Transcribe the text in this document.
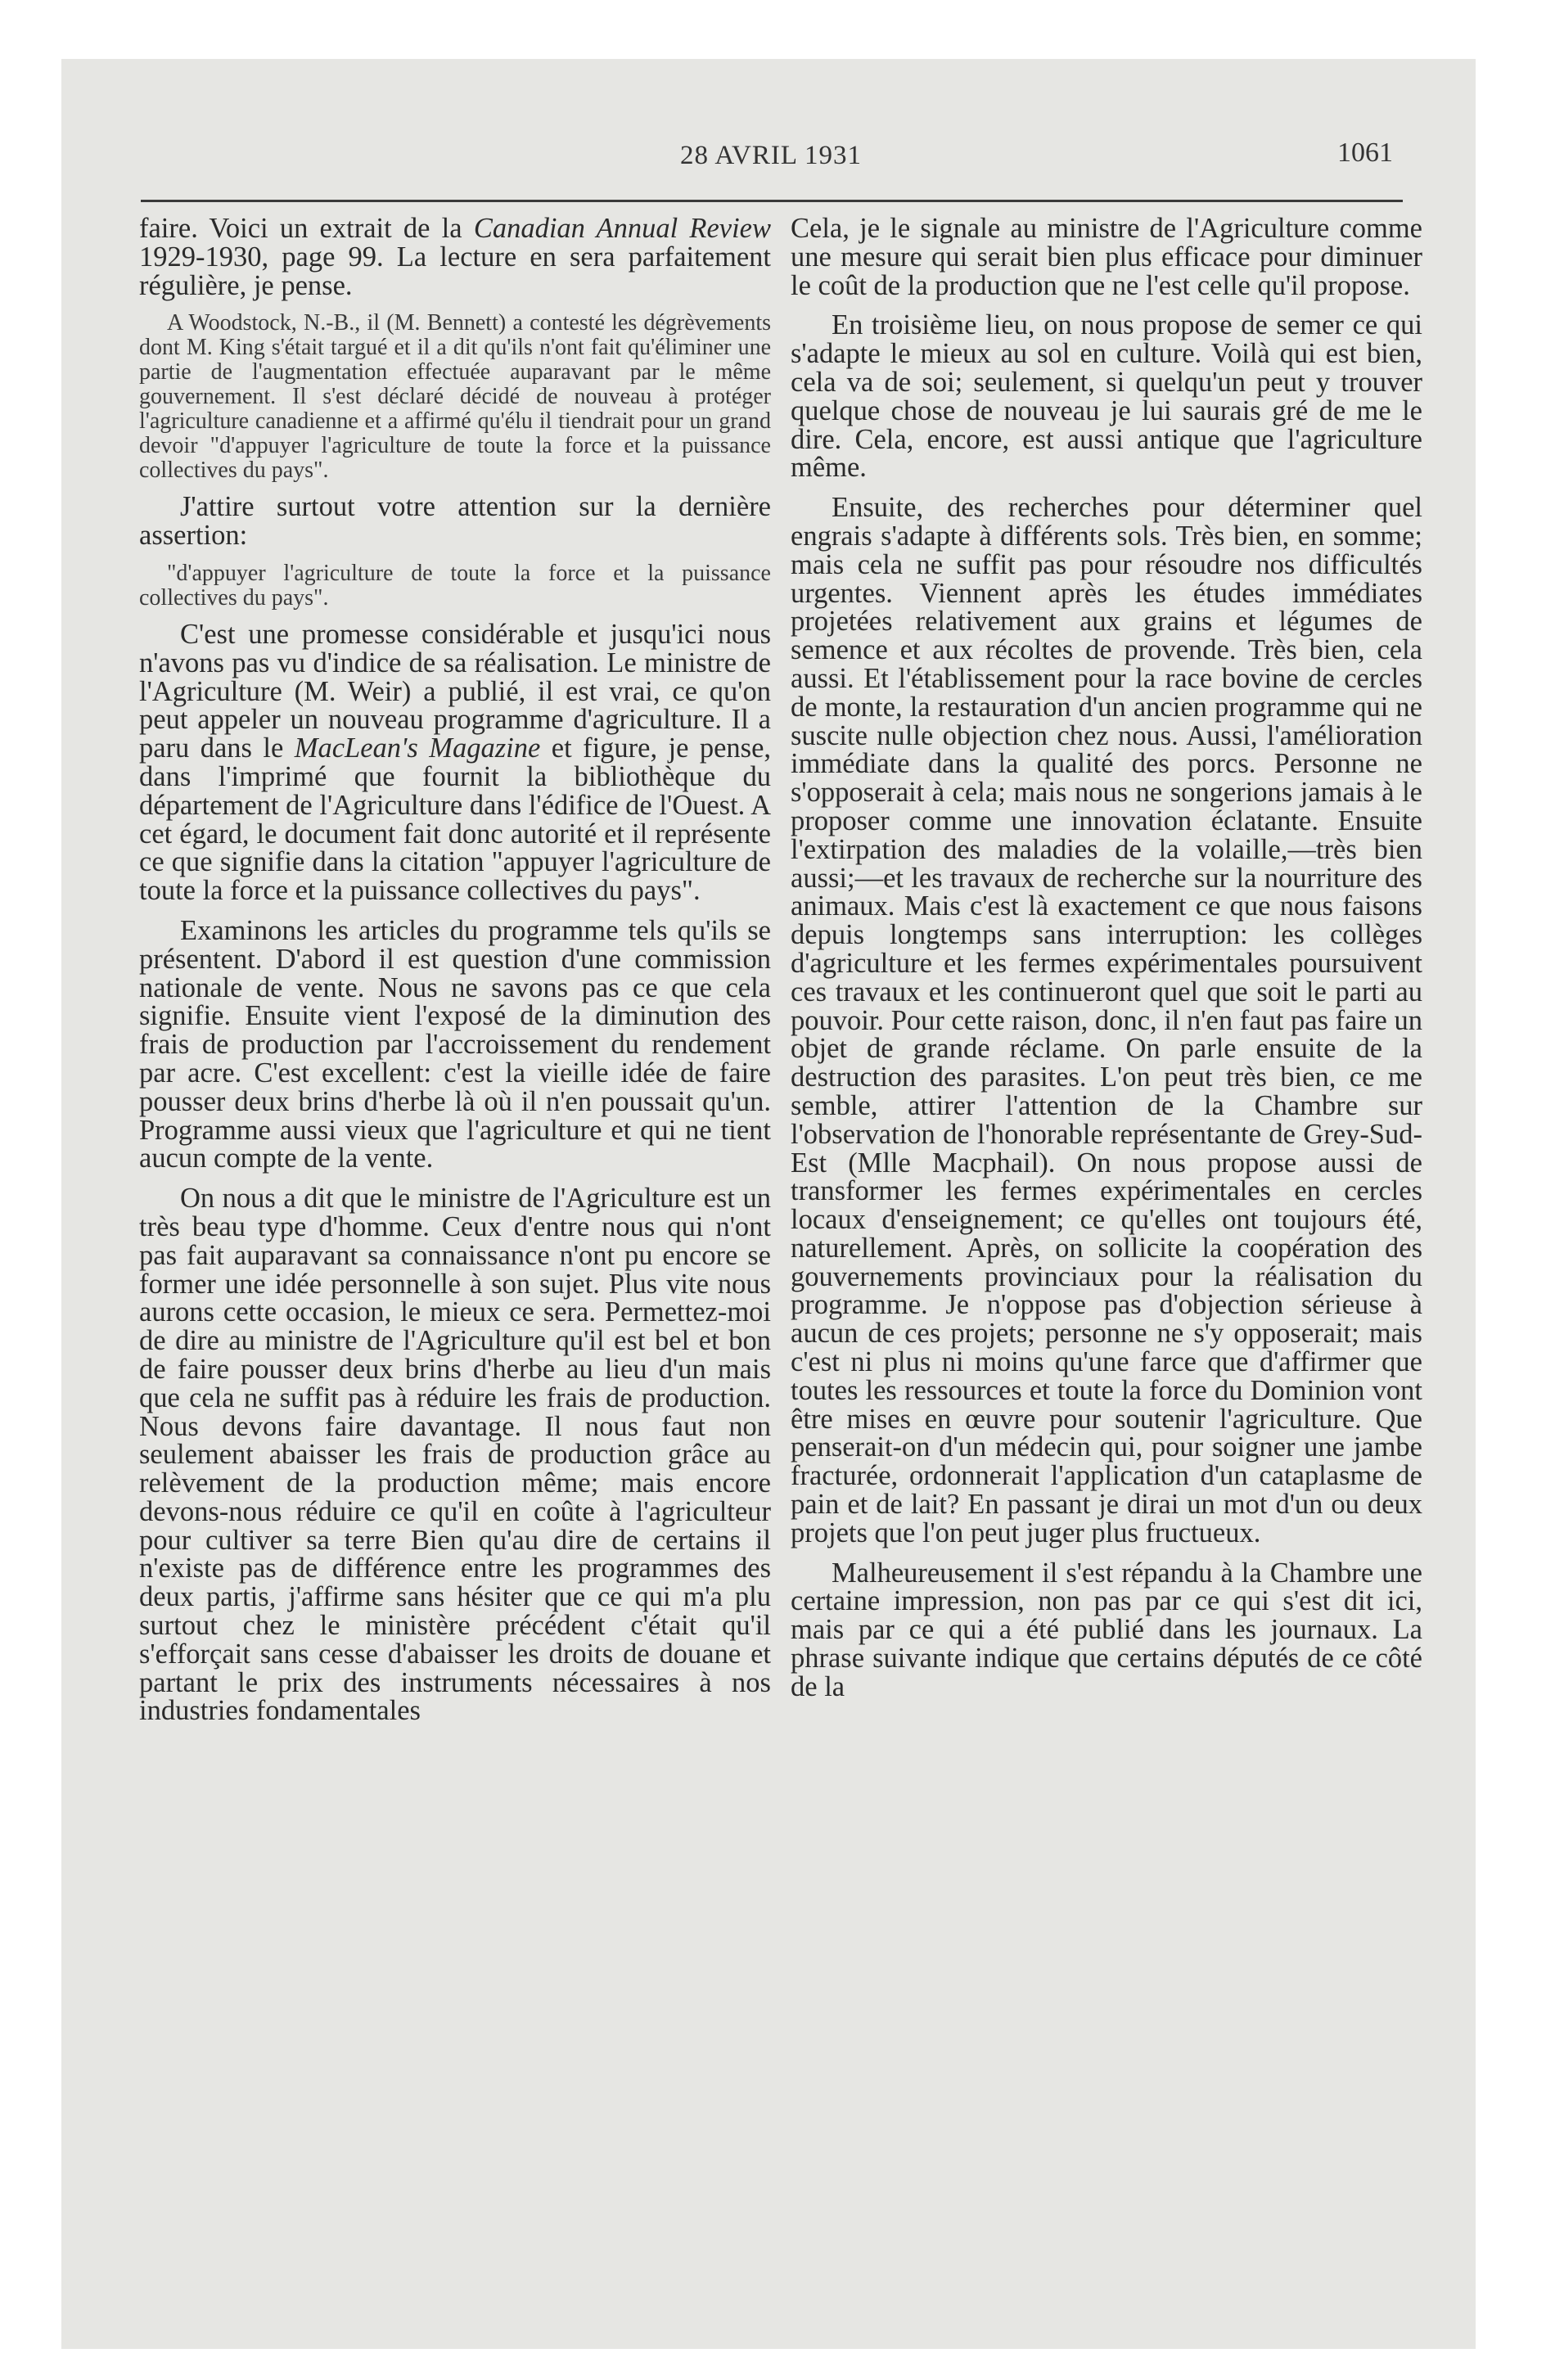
28 AVRIL 1931	1061

faire. Voici un extrait de la Canadian Annual Review 1929-1930, page 99. La lecture en sera parfaitement régulière, je pense.

A Woodstock, N.-B., il (M. Bennett) a contesté les dégrèvements dont M. King s'était targué et il a dit qu'ils n'ont fait qu'éliminer une partie de l'augmentation effectuée auparavant par le même gouvernement. Il s'est déclaré décidé de nouveau à protéger l'agriculture canadienne et a affirmé qu'élu il tiendrait pour un grand devoir "d'appuyer l'agriculture de toute la force et la puissance collectives du pays".

J'attire surtout votre attention sur la dernière assertion:

"d'appuyer l'agriculture de toute la force et la puissance collectives du pays".

C'est une promesse considérable et jusqu'ici nous n'avons pas vu d'indice de sa réalisation. Le ministre de l'Agriculture (M. Weir) a publié, il est vrai, ce qu'on peut appeler un nouveau programme d'agriculture. Il a paru dans le MacLean's Magazine et figure, je pense, dans l'imprimé que fournit la bibliothèque du département de l'Agriculture dans l'édifice de l'Ouest. A cet égard, le document fait donc autorité et il représente ce que signifie dans la citation "appuyer l'agriculture de toute la force et la puissance collectives du pays".

Examinons les articles du programme tels qu'ils se présentent. D'abord il est question d'une commission nationale de vente. Nous ne savons pas ce que cela signifie. Ensuite vient l'exposé de la diminution des frais de production par l'accroissement du rendement par acre. C'est excellent: c'est la vieille idée de faire pousser deux brins d'herbe là où il n'en poussait qu'un. Programme aussi vieux que l'agriculture et qui ne tient aucun compte de la vente.

On nous a dit que le ministre de l'Agriculture est un très beau type d'homme. Ceux d'entre nous qui n'ont pas fait auparavant sa connaissance n'ont pu encore se former une idée personnelle à son sujet. Plus vite nous aurons cette occasion, le mieux ce sera. Permettez-moi de dire au ministre de l'Agriculture qu'il est bel et bon de faire pousser deux brins d'herbe au lieu d'un mais que cela ne suffit pas à réduire les frais de production. Nous devons faire davantage. Il nous faut non seulement abaisser les frais de production grâce au relèvement de la production même; mais encore devons-nous réduire ce qu'il en coûte à l'agriculteur pour cultiver sa terre Bien qu'au dire de certains il n'existe pas de différence entre les programmes des deux partis, j'affirme sans hésiter que ce qui m'a plu surtout chez le ministère précédent c'était qu'il s'efforçait sans cesse d'abaisser les droits de douane et partant le prix des instruments nécessaires à nos industries fondamentales

Cela, je le signale au ministre de l'Agriculture comme une mesure qui serait bien plus efficace pour diminuer le coût de la production que ne l'est celle qu'il propose.

En troisième lieu, on nous propose de semer ce qui s'adapte le mieux au sol en culture. Voilà qui est bien, cela va de soi; seulement, si quelqu'un peut y trouver quelque chose de nouveau je lui saurais gré de me le dire. Cela, encore, est aussi antique que l'agriculture même.

Ensuite, des recherches pour déterminer quel engrais s'adapte à différents sols. Très bien, en somme; mais cela ne suffit pas pour résoudre nos difficultés urgentes. Viennent après les études immédiates projetées relativement aux grains et légumes de semence et aux récoltes de provende. Très bien, cela aussi. Et l'établissement pour la race bovine de cercles de monte, la restauration d'un ancien programme qui ne suscite nulle objection chez nous. Aussi, l'amélioration immédiate dans la qualité des porcs. Personne ne s'opposerait à cela; mais nous ne songerions jamais à le proposer comme une innovation éclatante. Ensuite l'extirpation des maladies de la volaille,—très bien aussi;—et les travaux de recherche sur la nourriture des animaux. Mais c'est là exactement ce que nous faisons depuis longtemps sans interruption: les collèges d'agriculture et les fermes expérimentales poursuivent ces travaux et les continueront quel que soit le parti au pouvoir. Pour cette raison, donc, il n'en faut pas faire un objet de grande réclame. On parle ensuite de la destruction des parasites. L'on peut très bien, ce me semble, attirer l'attention de la Chambre sur l'observation de l'honorable représentante de Grey-Sud-Est (Mlle Macphail). On nous propose aussi de transformer les fermes expérimentales en cercles locaux d'enseignement; ce qu'elles ont toujours été, naturellement. Après, on sollicite la coopération des gouvernements provinciaux pour la réalisation du programme. Je n'oppose pas d'objection sérieuse à aucun de ces projets; personne ne s'y opposerait; mais c'est ni plus ni moins qu'une farce que d'affirmer que toutes les ressources et toute la force du Dominion vont être mises en œuvre pour soutenir l'agriculture. Que penserait-on d'un médecin qui, pour soigner une jambe fracturée, ordonnerait l'application d'un cataplasme de pain et de lait? En passant je dirai un mot d'un ou deux projets que l'on peut juger plus fructueux.

Malheureusement il s'est répandu à la Chambre une certaine impression, non pas par ce qui s'est dit ici, mais par ce qui a été publié dans les journaux. La phrase suivante indique que certains députés de ce côté de la
